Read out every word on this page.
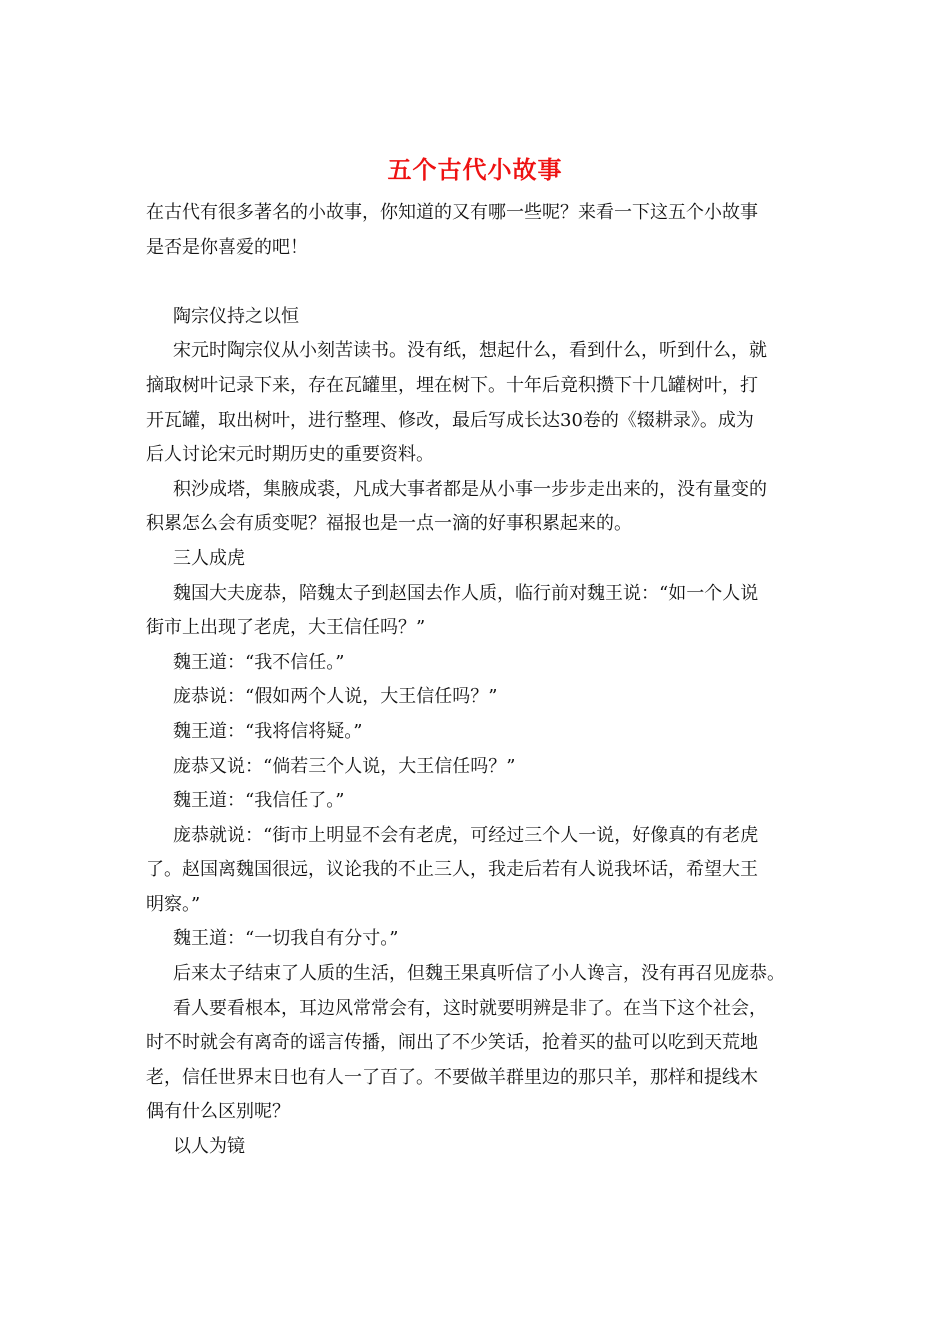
五个古代小故事
在古代有很多著名的小故事，你知道的又有哪一些呢？来看一下这五个小故事
是否是你喜爱的吧！
陶宗仪持之以恒
宋元时陶宗仪从小刻苦读书。没有纸，想起什么，看到什么，听到什么，就
摘取树叶记录下来，存在瓦罐里，埋在树下。十年后竟积攒下十几罐树叶，打
开瓦罐，取出树叶，进行整理、修改，最后写成长达30卷的《辍耕录》。成为
后人讨论宋元时期历史的重要资料。
积沙成塔，集腋成裘，凡成大事者都是从小事一步步走出来的，没有量变的
积累怎么会有质变呢？福报也是一点一滴的好事积累起来的。
三人成虎
魏国大夫庞恭，陪魏太子到赵国去作人质，临行前对魏王说：“如一个人说
街市上出现了老虎，大王信任吗？”
魏王道：“我不信任。”
庞恭说：“假如两个人说，大王信任吗？”
魏王道：“我将信将疑。”
庞恭又说：“倘若三个人说，大王信任吗？”
魏王道：“我信任了。”
庞恭就说：“街市上明显不会有老虎，可经过三个人一说，好像真的有老虎
了。赵国离魏国很远，议论我的不止三人，我走后若有人说我坏话，希望大王
明察。”
魏王道：“一切我自有分寸。”
后来太子结束了人质的生活，但魏王果真听信了小人谗言，没有再召见庞恭。
看人要看根本，耳边风常常会有，这时就要明辨是非了。在当下这个社会，
时不时就会有离奇的谣言传播，闹出了不少笑话，抢着买的盐可以吃到天荒地
老，信任世界末日也有人一了百了。不要做羊群里边的那只羊，那样和提线木
偶有什么区别呢？
以人为镜
